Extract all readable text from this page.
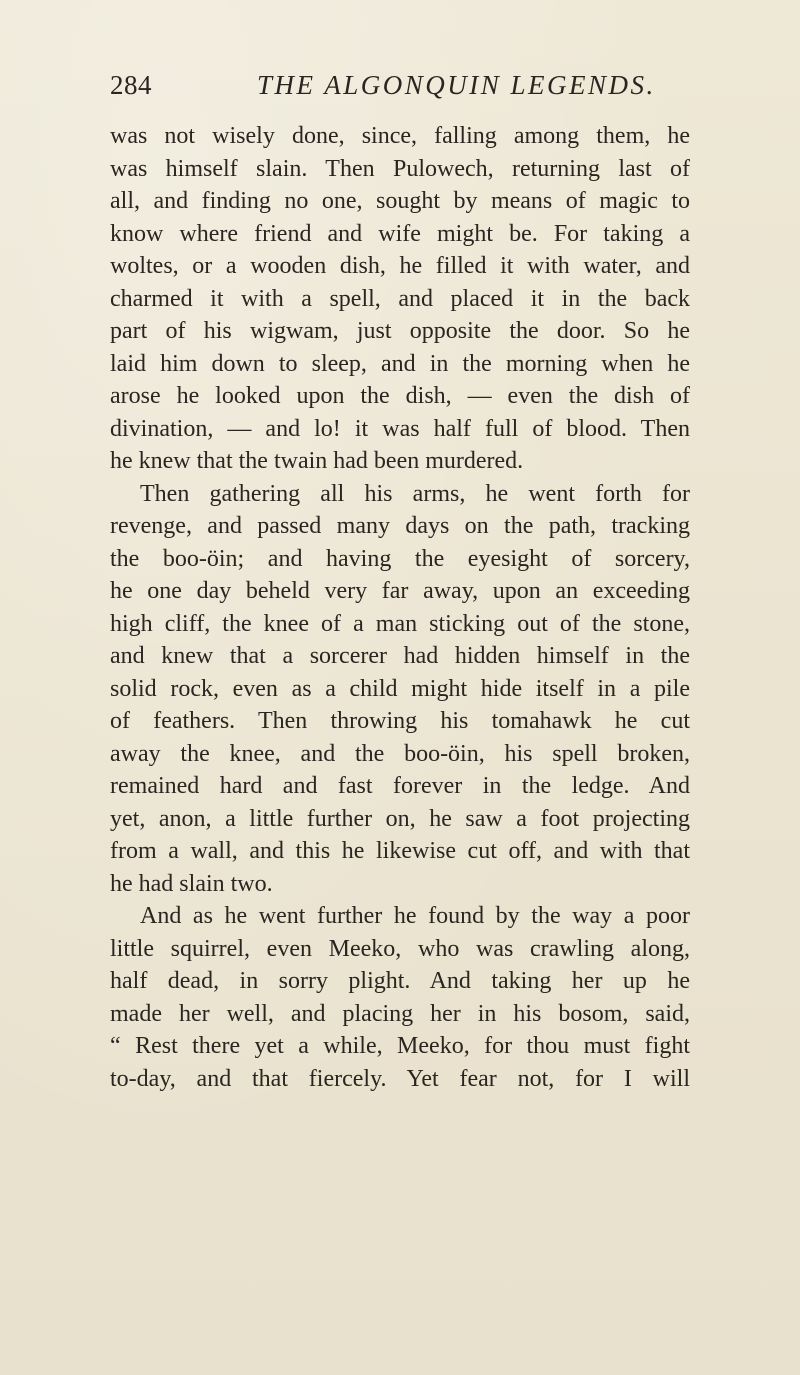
284	THE ALGONQUIN LEGENDS.
was not wisely done, since, falling among them, he
was himself slain. Then Pulowech, returning last of
all, and finding no one, sought by means of magic to
know where friend and wife might be. For taking a
woltes, or a wooden dish, he filled it with water, and
charmed it with a spell, and placed it in the back
part of his wigwam, just opposite the door. So he
laid him down to sleep, and in the morning when he
arose he looked upon the dish, — even the dish of
divination, — and lo! it was half full of blood. Then
he knew that the twain had been murdered.
Then gathering all his arms, he went forth for
revenge, and passed many days on the path, tracking
the boo-öin; and having the eyesight of sorcery,
he one day beheld very far away, upon an exceeding
high cliff, the knee of a man sticking out of the stone,
and knew that a sorcerer had hidden himself in the
solid rock, even as a child might hide itself in a pile
of feathers. Then throwing his tomahawk he cut
away the knee, and the boo-öin, his spell broken,
remained hard and fast forever in the ledge. And
yet, anon, a little further on, he saw a foot projecting
from a wall, and this he likewise cut off, and with that
he had slain two.
And as he went further he found by the way a poor
little squirrel, even Meeko, who was crawling along,
half dead, in sorry plight. And taking her up he
made her well, and placing her in his bosom, said,
“ Rest there yet a while, Meeko, for thou must fight
to-day, and that fiercely. Yet fear not, for I will
